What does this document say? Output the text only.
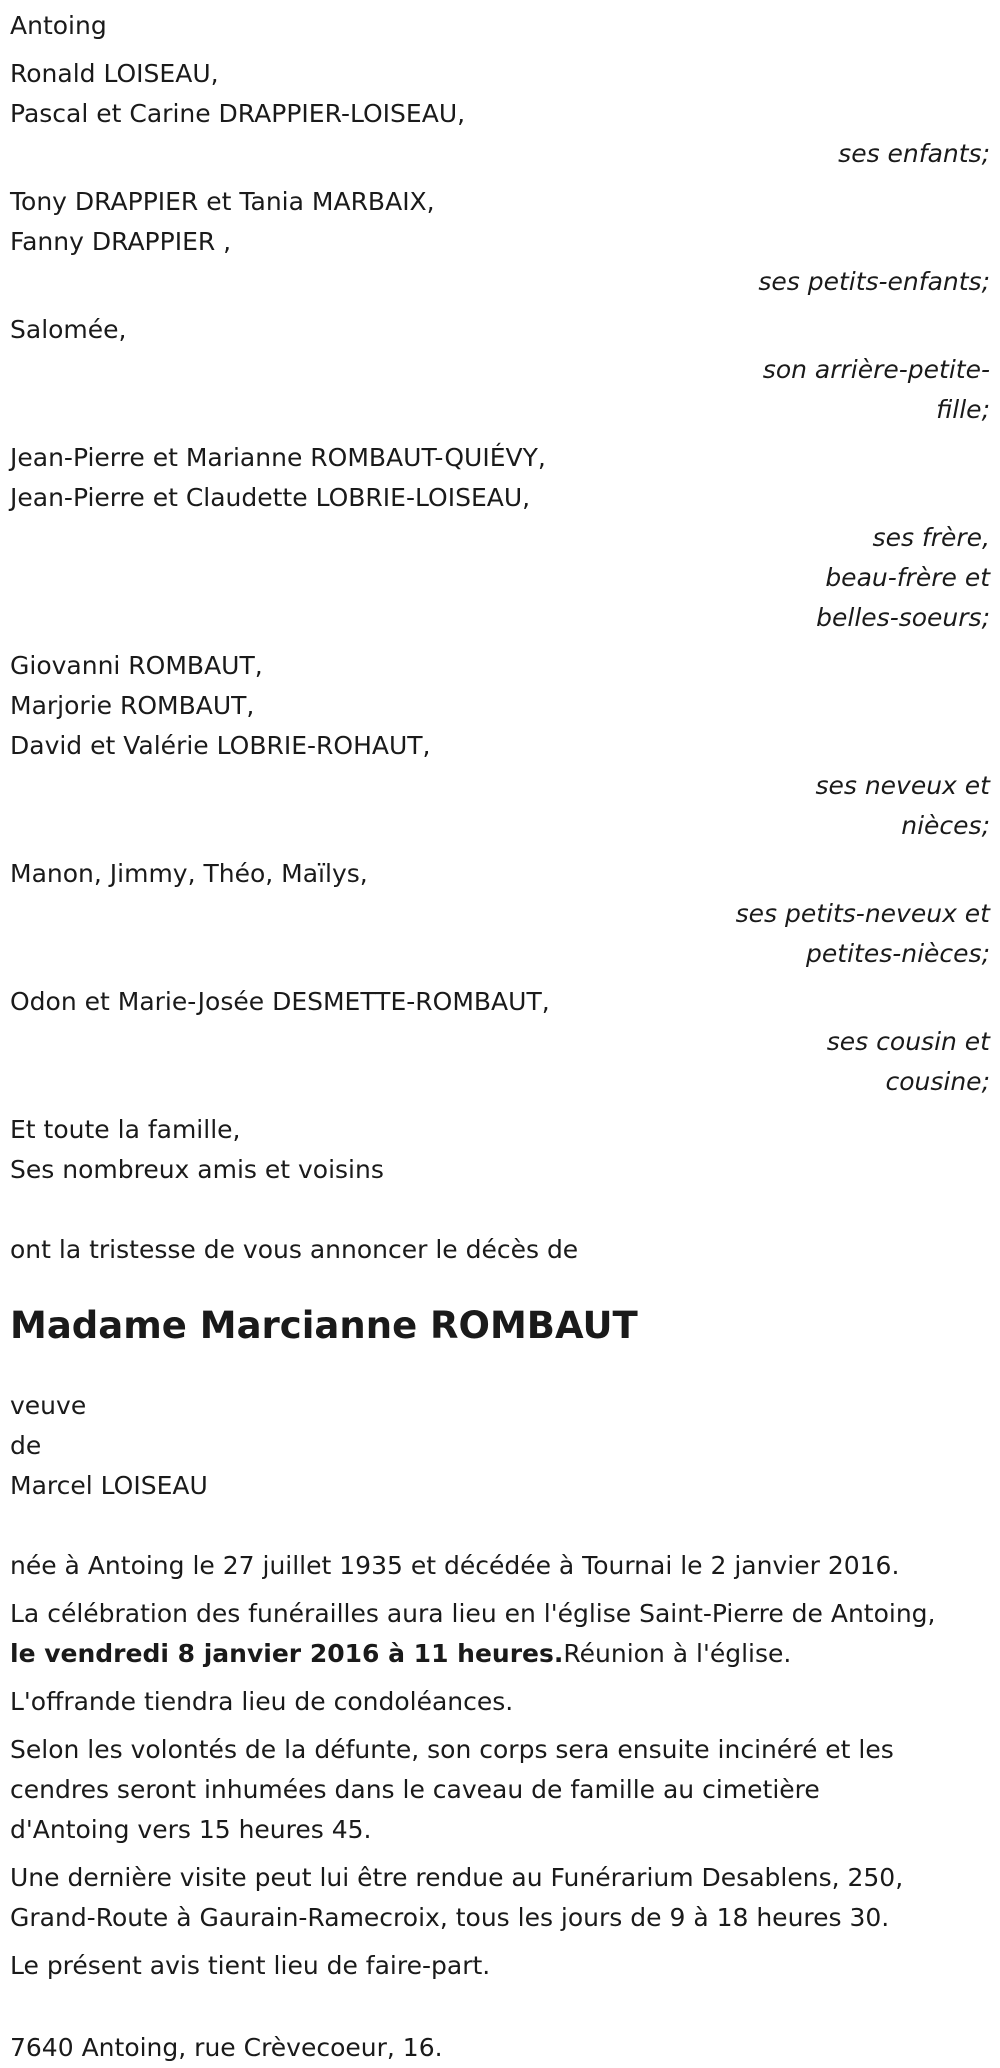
Antoing
Ronald LOISEAU,
Pascal et Carine DRAPPIER-LOISEAU,
ses enfants;
Tony DRAPPIER et Tania MARBAIX,
Fanny DRAPPIER ,
ses petits-enfants;
Salomée,
son arrière-petite-
fille;
Jean-Pierre et Marianne ROMBAUT-QUIÉVY,
Jean-Pierre et Claudette LOBRIE-LOISEAU,
ses frère,
beau-frère et
belles-soeurs;
Giovanni ROMBAUT,
Marjorie ROMBAUT,
David et Valérie LOBRIE-ROHAUT,
ses neveux et
nièces;
Manon, Jimmy, Théo, Maïlys,
ses petits-neveux et
petites-nièces;
Odon et Marie-Josée DESMETTE-ROMBAUT,
ses cousin et
cousine;
Et toute la famille,
Ses nombreux amis et voisins
ont la tristesse de vous annoncer le décès de
Madame Marcianne ROMBAUT
veuve
de
Marcel LOISEAU
née à Antoing le 27 juillet 1935 et décédée à Tournai le 2 janvier 2016.
La célébration des funérailles aura lieu en l'église Saint-Pierre de Antoing,
le vendredi 8 janvier 2016 à 11 heures.Réunion à l'église.
L'offrande tiendra lieu de condoléances.
Selon les volontés de la défunte, son corps sera ensuite incinéré et les
cendres seront inhumées dans le caveau de famille au cimetière
d'Antoing vers 15 heures 45.
Une dernière visite peut lui être rendue au Funérarium Desablens, 250,
Grand-Route à Gaurain-Ramecroix, tous les jours de 9 à 18 heures 30.
Le présent avis tient lieu de faire-part.
7640 Antoing, rue Crèvecoeur, 16.
